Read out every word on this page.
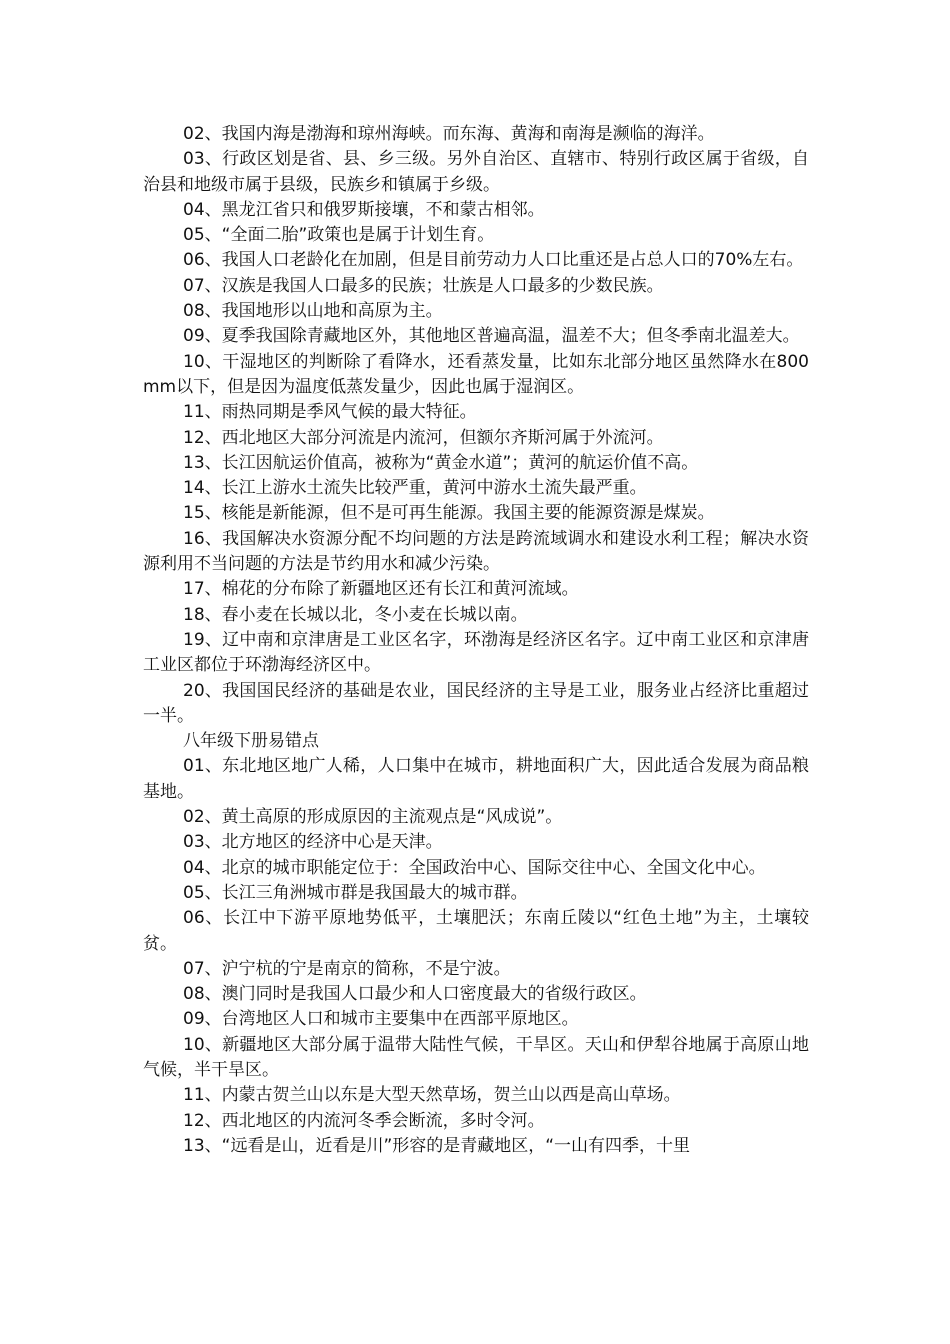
02、我国内海是渤海和琼州海峡。而东海、黄海和南海是濒临的海洋。

03、行政区划是省、县、乡三级。另外自治区、直辖市、特别行政区属于省级，自治县和地级市属于县级，民族乡和镇属于乡级。

04、黑龙江省只和俄罗斯接壤，不和蒙古相邻。

05、“全面二胎”政策也是属于计划生育。

06、我国人口老龄化在加剧，但是目前劳动力人口比重还是占总人口的70%左右。

07、汉族是我国人口最多的民族；壮族是人口最多的少数民族。

08、我国地形以山地和高原为主。

09、夏季我国除青藏地区外，其他地区普遍高温，温差不大；但冬季南北温差大。

10、干湿地区的判断除了看降水，还看蒸发量，比如东北部分地区虽然降水在800mm以下，但是因为温度低蒸发量少，因此也属于湿润区。

11、雨热同期是季风气候的最大特征。

12、西北地区大部分河流是内流河，但额尔齐斯河属于外流河。

13、长江因航运价值高，被称为“黄金水道”；黄河的航运价值不高。

14、长江上游水土流失比较严重，黄河中游水土流失最严重。

15、核能是新能源，但不是可再生能源。我国主要的能源资源是煤炭。

16、我国解决水资源分配不均问题的方法是跨流域调水和建设水利工程；解决水资源利用不当问题的方法是节约用水和减少污染。

17、棉花的分布除了新疆地区还有长江和黄河流域。

18、春小麦在长城以北，冬小麦在长城以南。

19、辽中南和京津唐是工业区名字，环渤海是经济区名字。辽中南工业区和京津唐工业区都位于环渤海经济区中。

20、我国国民经济的基础是农业，国民经济的主导是工业，服务业占经济比重超过一半。

八年级下册易错点

01、东北地区地广人稀，人口集中在城市，耕地面积广大，因此适合发展为商品粮基地。

02、黄土高原的形成原因的主流观点是“风成说”。

03、北方地区的经济中心是天津。

04、北京的城市职能定位于：全国政治中心、国际交往中心、全国文化中心。

05、长江三角洲城市群是我国最大的城市群。

06、长江中下游平原地势低平，土壤肥沃；东南丘陵以“红色土地”为主，土壤较贫。

07、沪宁杭的宁是南京的简称，不是宁波。

08、澳门同时是我国人口最少和人口密度最大的省级行政区。

09、台湾地区人口和城市主要集中在西部平原地区。

10、新疆地区大部分属于温带大陆性气候，干旱区。天山和伊犁谷地属于高原山地气候，半干旱区。

11、内蒙古贺兰山以东是大型天然草场，贺兰山以西是高山草场。

12、西北地区的内流河冬季会断流，多时令河。

13、“远看是山，近看是川”形容的是青藏地区，“一山有四季，十里
